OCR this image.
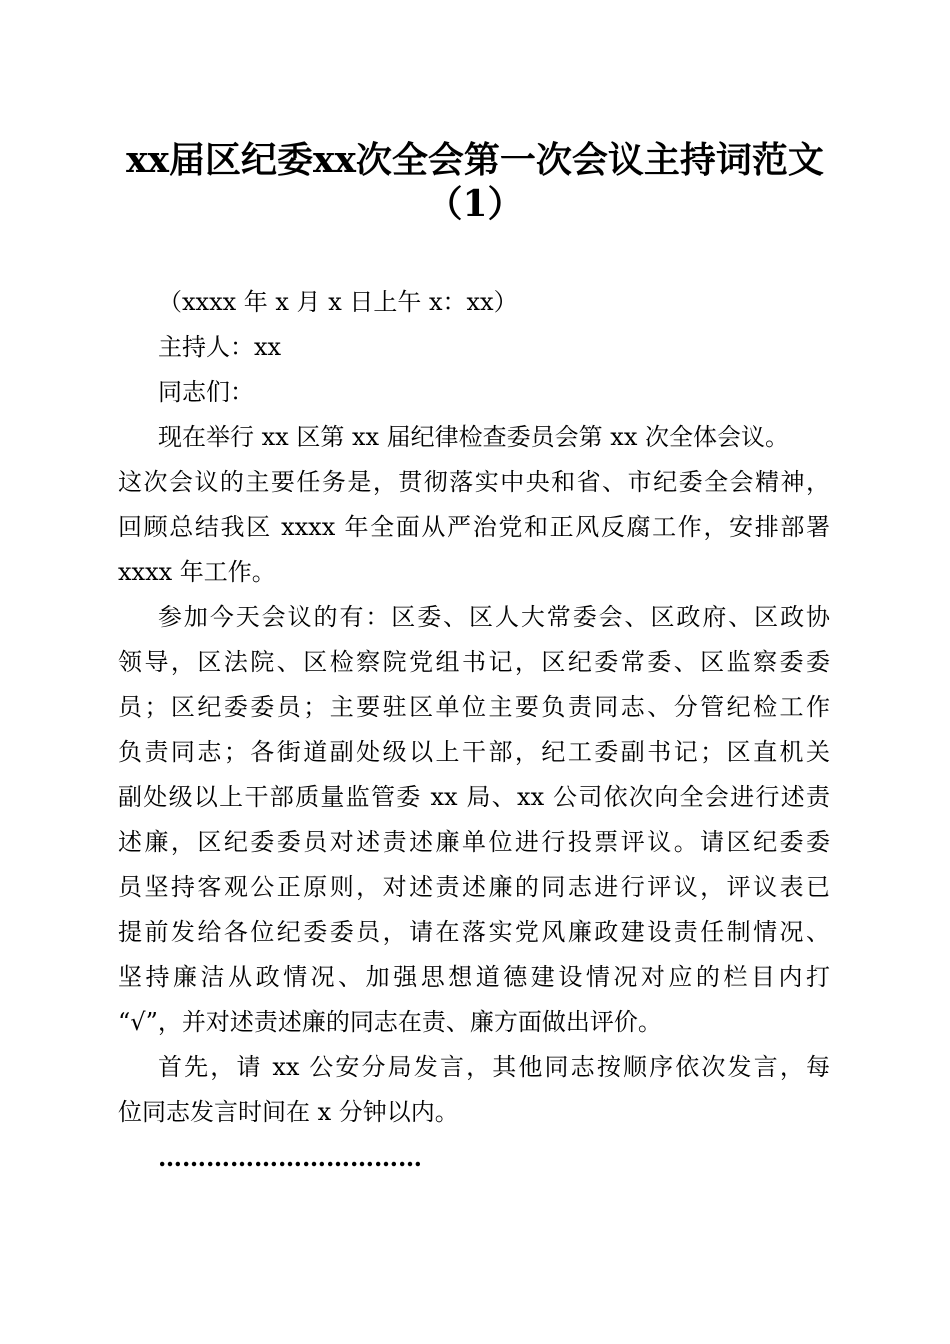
xx届区纪委xx次全会第一次会议主持词范文
（1）
（xxxx 年 x 月 x 日上午 x：xx）
主持人：xx
同志们：
现在举行 xx 区第 xx 届纪律检查委员会第 xx 次全体会议。
这次会议的主要任务是，贯彻落实中央和省、市纪委全会精神，
回顾总结我区 xxxx 年全面从严治党和正风反腐工作，安排部署
xxxx 年工作。
参加今天会议的有：区委、区人大常委会、区政府、区政协
领导，区法院、区检察院党组书记，区纪委常委、区监察委委
员；区纪委委员；主要驻区单位主要负责同志、分管纪检工作
负责同志；各街道副处级以上干部，纪工委副书记；区直机关
副处级以上干部质量监管委 xx 局、xx 公司依次向全会进行述责
述廉，区纪委委员对述责述廉单位进行投票评议。请区纪委委
员坚持客观公正原则，对述责述廉的同志进行评议，评议表已
提前发给各位纪委委员，请在落实党风廉政建设责任制情况、
坚持廉洁从政情况、加强思想道德建设情况对应的栏目内打
“√”，并对述责述廉的同志在责、廉方面做出评价。
首先，请 xx 公安分局发言，其他同志按顺序依次发言，每
位同志发言时间在 x 分钟以内。
……………………………
